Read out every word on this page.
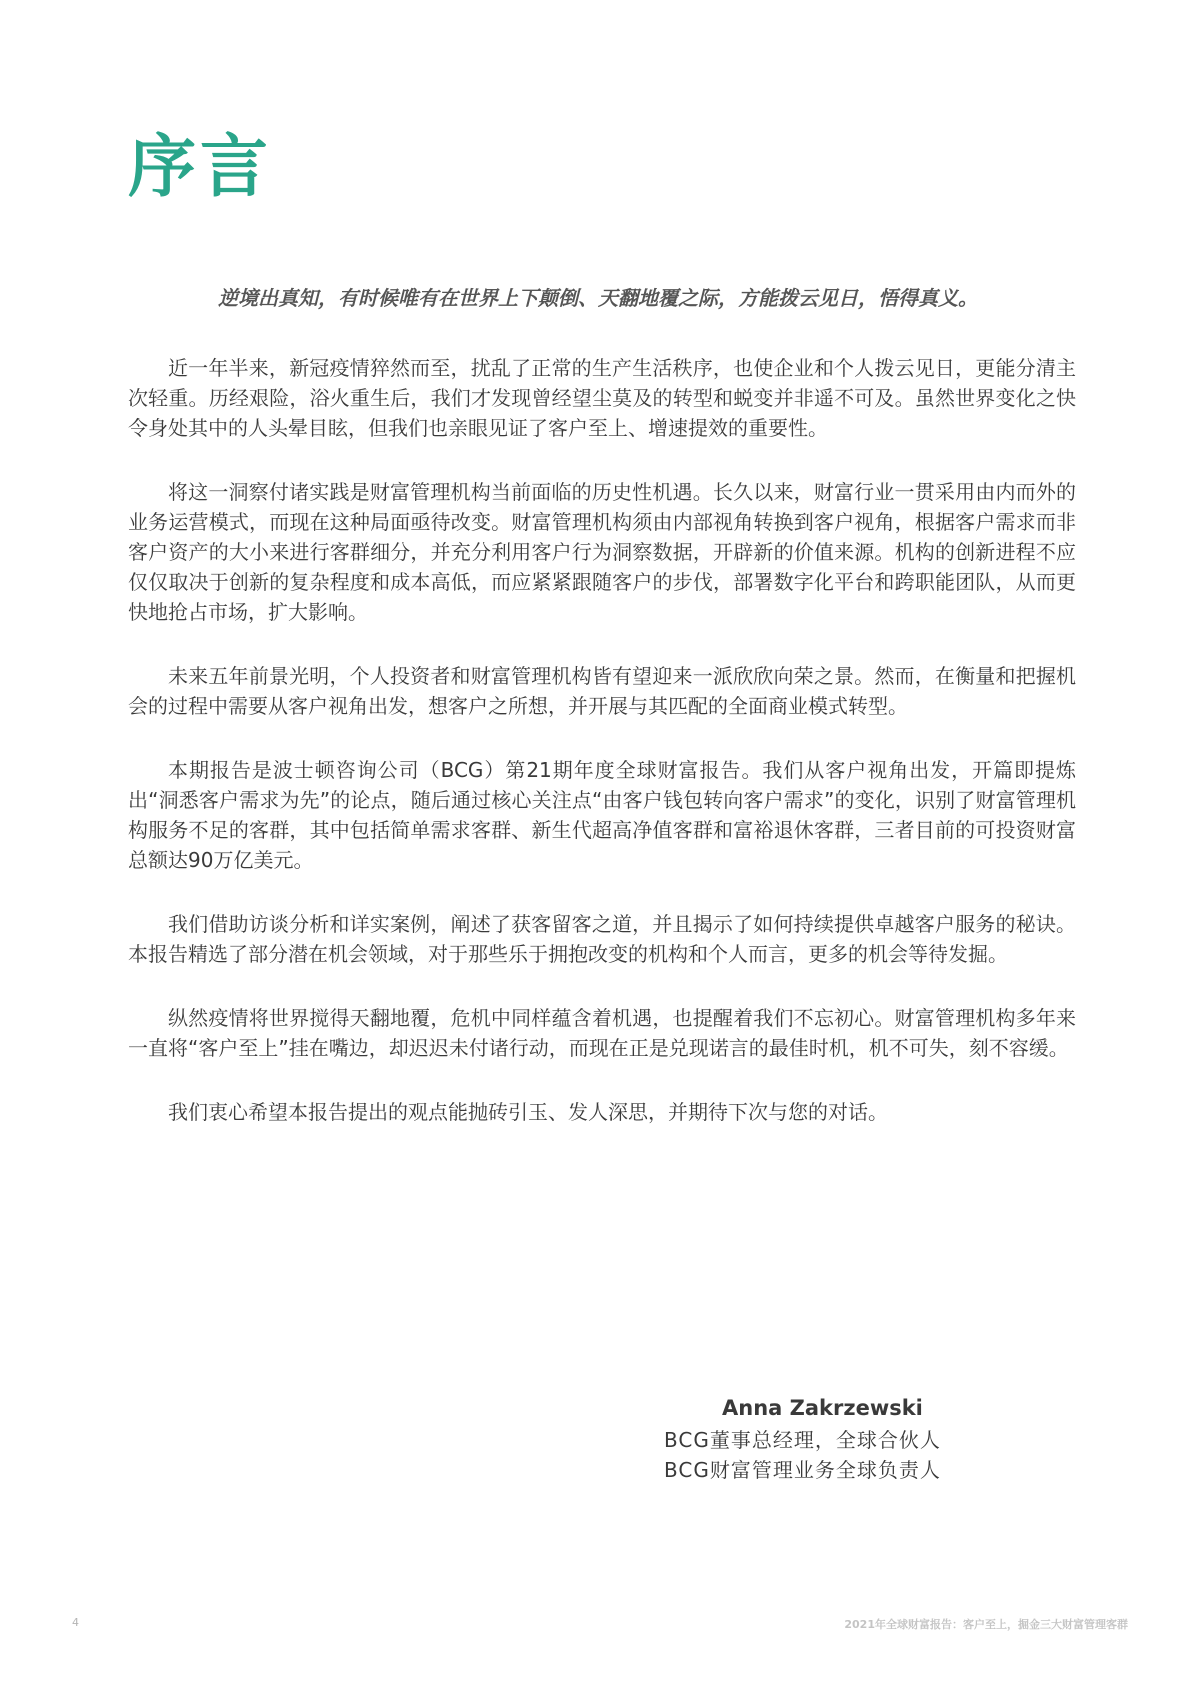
序言

逆境出真知，有时候唯有在世界上下颠倒、天翻地覆之际，方能拨云见日，悟得真义。

近一年半来，新冠疫情猝然而至，扰乱了正常的生产生活秩序，也使企业和个人拨云见日，更能分清主次轻重。历经艰险，浴火重生后，我们才发现曾经望尘莫及的转型和蜕变并非遥不可及。虽然世界变化之快令身处其中的人头晕目眩，但我们也亲眼见证了客户至上、增速提效的重要性。

将这一洞察付诸实践是财富管理机构当前面临的历史性机遇。长久以来，财富行业一贯采用由内而外的业务运营模式，而现在这种局面亟待改变。财富管理机构须由内部视角转换到客户视角，根据客户需求而非客户资产的大小来进行客群细分，并充分利用客户行为洞察数据，开辟新的价值来源。机构的创新进程不应仅仅取决于创新的复杂程度和成本高低，而应紧紧跟随客户的步伐，部署数字化平台和跨职能团队，从而更快地抢占市场，扩大影响。

未来五年前景光明，个人投资者和财富管理机构皆有望迎来一派欣欣向荣之景。然而，在衡量和把握机会的过程中需要从客户视角出发，想客户之所想，并开展与其匹配的全面商业模式转型。

本期报告是波士顿咨询公司（BCG）第21期年度全球财富报告。我们从客户视角出发，开篇即提炼出“洞悉客户需求为先”的论点，随后通过核心关注点“由客户钱包转向客户需求”的变化，识别了财富管理机构服务不足的客群，其中包括简单需求客群、新生代超高净值客群和富裕退休客群，三者目前的可投资财富总额达90万亿美元。

我们借助访谈分析和详实案例，阐述了获客留客之道，并且揭示了如何持续提供卓越客户服务的秘诀。本报告精选了部分潜在机会领域，对于那些乐于拥抱改变的机构和个人而言，更多的机会等待发掘。

纵然疫情将世界搅得天翻地覆，危机中同样蕴含着机遇，也提醒着我们不忘初心。财富管理机构多年来一直将“客户至上”挂在嘴边，却迟迟未付诸行动，而现在正是兑现诺言的最佳时机，机不可失，刻不容缓。

我们衷心希望本报告提出的观点能抛砖引玉、发人深思，并期待下次与您的对话。

Anna Zakrzewski
BCG董事总经理，全球合伙人
BCG财富管理业务全球负责人
4	2021年全球财富报告：客户至上，掘金三大财富管理客群
